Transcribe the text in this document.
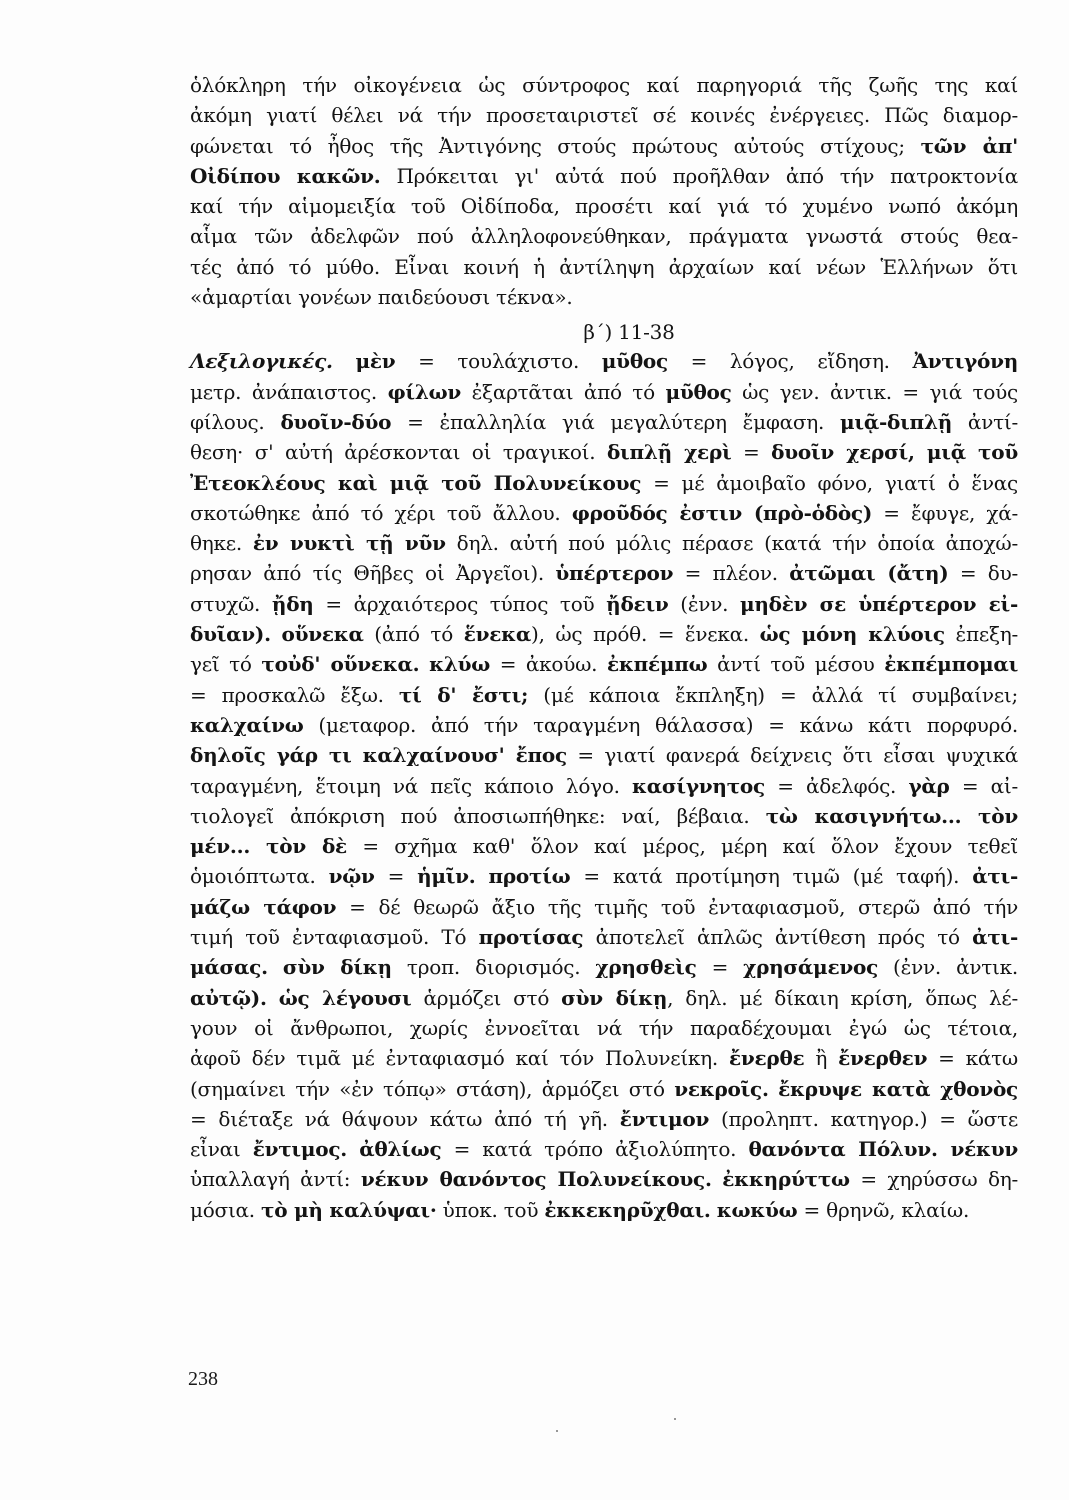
ὁλόκληρη τήν οἰκογένεια ὡς σύντροφος καί παρηγοριά τῆς ζωῆς της καί
ἀκόμη γιατί θέλει νά τήν προσεταιριστεῖ σέ κοινές ἐνέργειες. Πῶς διαμορ-
φώνεται τό ἦθος τῆς Ἀντιγόνης στούς πρώτους αὐτούς στίχους; τῶν ἀπ'
Οἰδίπου κακῶν. Πρόκειται γι' αὐτά πού προῆλθαν ἀπό τήν πατροκτονία
καί τήν αἱμομειξία τοῦ Οἰδίποδα, προσέτι καί γιά τό χυμένο νωπό ἀκόμη
αἷμα τῶν ἀδελφῶν πού ἀλληλοφονεύθηκαν, πράγματα γνωστά στούς θεα-
τές ἀπό τό μύθο. Εἶναι κοινή ἡ ἀντίληψη ἀρχαίων καί νέων Ἑλλήνων ὅτι
«ἁμαρτίαι γονέων παιδεύουσι τέκνα».
β΄) 11-38
Λεξιλογικές. μὲν = τουλάχιστο. μῦθος = λόγος, εἴδηση. Ἀντιγόνη
μετρ. ἀνάπαιστος. φίλων ἐξαρτᾶται ἀπό τό μῦθος ὡς γεν. ἀντικ. = γιά τούς
φίλους. δυοῖν-δύο = ἐπαλληλία γιά μεγαλύτερη ἔμφαση. μιᾷ-διπλῇ ἀντί-
θεση· σ' αὐτή ἀρέσκονται οἱ τραγικοί. διπλῇ χερὶ = δυοῖν χερσί, μιᾷ τοῦ
Ἐτεοκλέους καὶ μιᾷ τοῦ Πολυνείκους = μέ ἀμοιβαῖο φόνο, γιατί ὁ ἕνας
σκοτώθηκε ἀπό τό χέρι τοῦ ἄλλου. φροῦδός ἐστιν (πρὸ-ὁδὸς) = ἔφυγε, χά-
θηκε. ἐν νυκτὶ τῇ νῦν δηλ. αὐτή πού μόλις πέρασε (κατά τήν ὁποία ἀποχώ-
ρησαν ἀπό τίς Θῆβες οἱ Ἀργεῖοι). ὑπέρτερον = πλέον. ἀτῶμαι (ἄτη) = δυ-
στυχῶ. ᾔδη = ἀρχαιότερος τύπος τοῦ ᾔδειν (ἐνν. μηδὲν σε ὑπέρτερον εἰ-
δυῖαν). οὕνεκα (ἀπό τό ἕνεκα), ὡς πρόθ. = ἕνεκα. ὡς μόνη κλύοις ἐπεξη-
γεῖ τό τοὐδ' οὕνεκα. κλύω = ἀκούω. ἐκπέμπω ἀντί τοῦ μέσου ἐκπέμπομαι
= προσκαλῶ ἔξω. τί δ' ἔστι; (μέ κάποια ἔκπληξη) = ἀλλά τί συμβαίνει;
καλχαίνω (μεταφορ. ἀπό τήν ταραγμένη θάλασσα) = κάνω κάτι πορφυρό.
δηλοῖς γάρ τι καλχαίνουσ' ἔπος = γιατί φανερά δείχνεις ὅτι εἶσαι ψυχικά
ταραγμένη, ἕτοιμη νά πεῖς κάποιο λόγο. κασίγνητος = ἀδελφός. γὰρ = αἰ-
τιολογεῖ ἀπόκριση πού ἀποσιωπήθηκε: ναί, βέβαια. τὼ κασιγνήτω... τὸν
μέν... τὸν δὲ = σχῆμα καθ' ὅλον καί μέρος, μέρη καί ὅλον ἔχουν τεθεῖ
ὁμοιόπτωτα. νῷν = ἡμῖν. προτίω = κατά προτίμηση τιμῶ (μέ ταφή). ἀτι-
μάζω τάφον = δέ θεωρῶ ἄξιο τῆς τιμῆς τοῦ ἐνταφιασμοῦ, στερῶ ἀπό τήν
τιμή τοῦ ἐνταφιασμοῦ. Τό προτίσας ἀποτελεῖ ἁπλῶς ἀντίθεση πρός τό ἀτι-
μάσας. σὺν δίκῃ τροπ. διορισμός. χρησθεὶς = χρησάμενος (ἐνν. ἀντικ.
αὐτῷ). ὡς λέγουσι ἁρμόζει στό σὺν δίκῃ, δηλ. μέ δίκαιη κρίση, ὅπως λέ-
γουν οἱ ἄνθρωποι, χωρίς ἐννοεῖται νά τήν παραδέχουμαι ἐγώ ὡς τέτοια,
ἀφοῦ δέν τιμᾶ μέ ἐνταφιασμό καί τόν Πολυνείκη. ἔνερθε ἢ ἔνερθεν = κάτω
(σημαίνει τήν «ἐν τόπῳ» στάση), ἁρμόζει στό νεκροῖς. ἔκρυψε κατὰ χθονὸς
= διέταξε νά θάψουν κάτω ἀπό τή γῆ. ἔντιμον (προληπτ. κατηγορ.) = ὥστε
εἶναι ἔντιμος. ἀθλίως = κατά τρόπο ἀξιολύπητο. θανόντα Πόλυν. νέκυν
ὑπαλλαγή ἀντί: νέκυν θανόντος Πολυνείκους. ἐκκηρύττω = χηρύσσω δη-
μόσια. τὸ μὴ καλύψαι· ὑποκ. τοῦ ἐκκεκηρῦχθαι. κωκύω = θρηνῶ, κλαίω.
238
